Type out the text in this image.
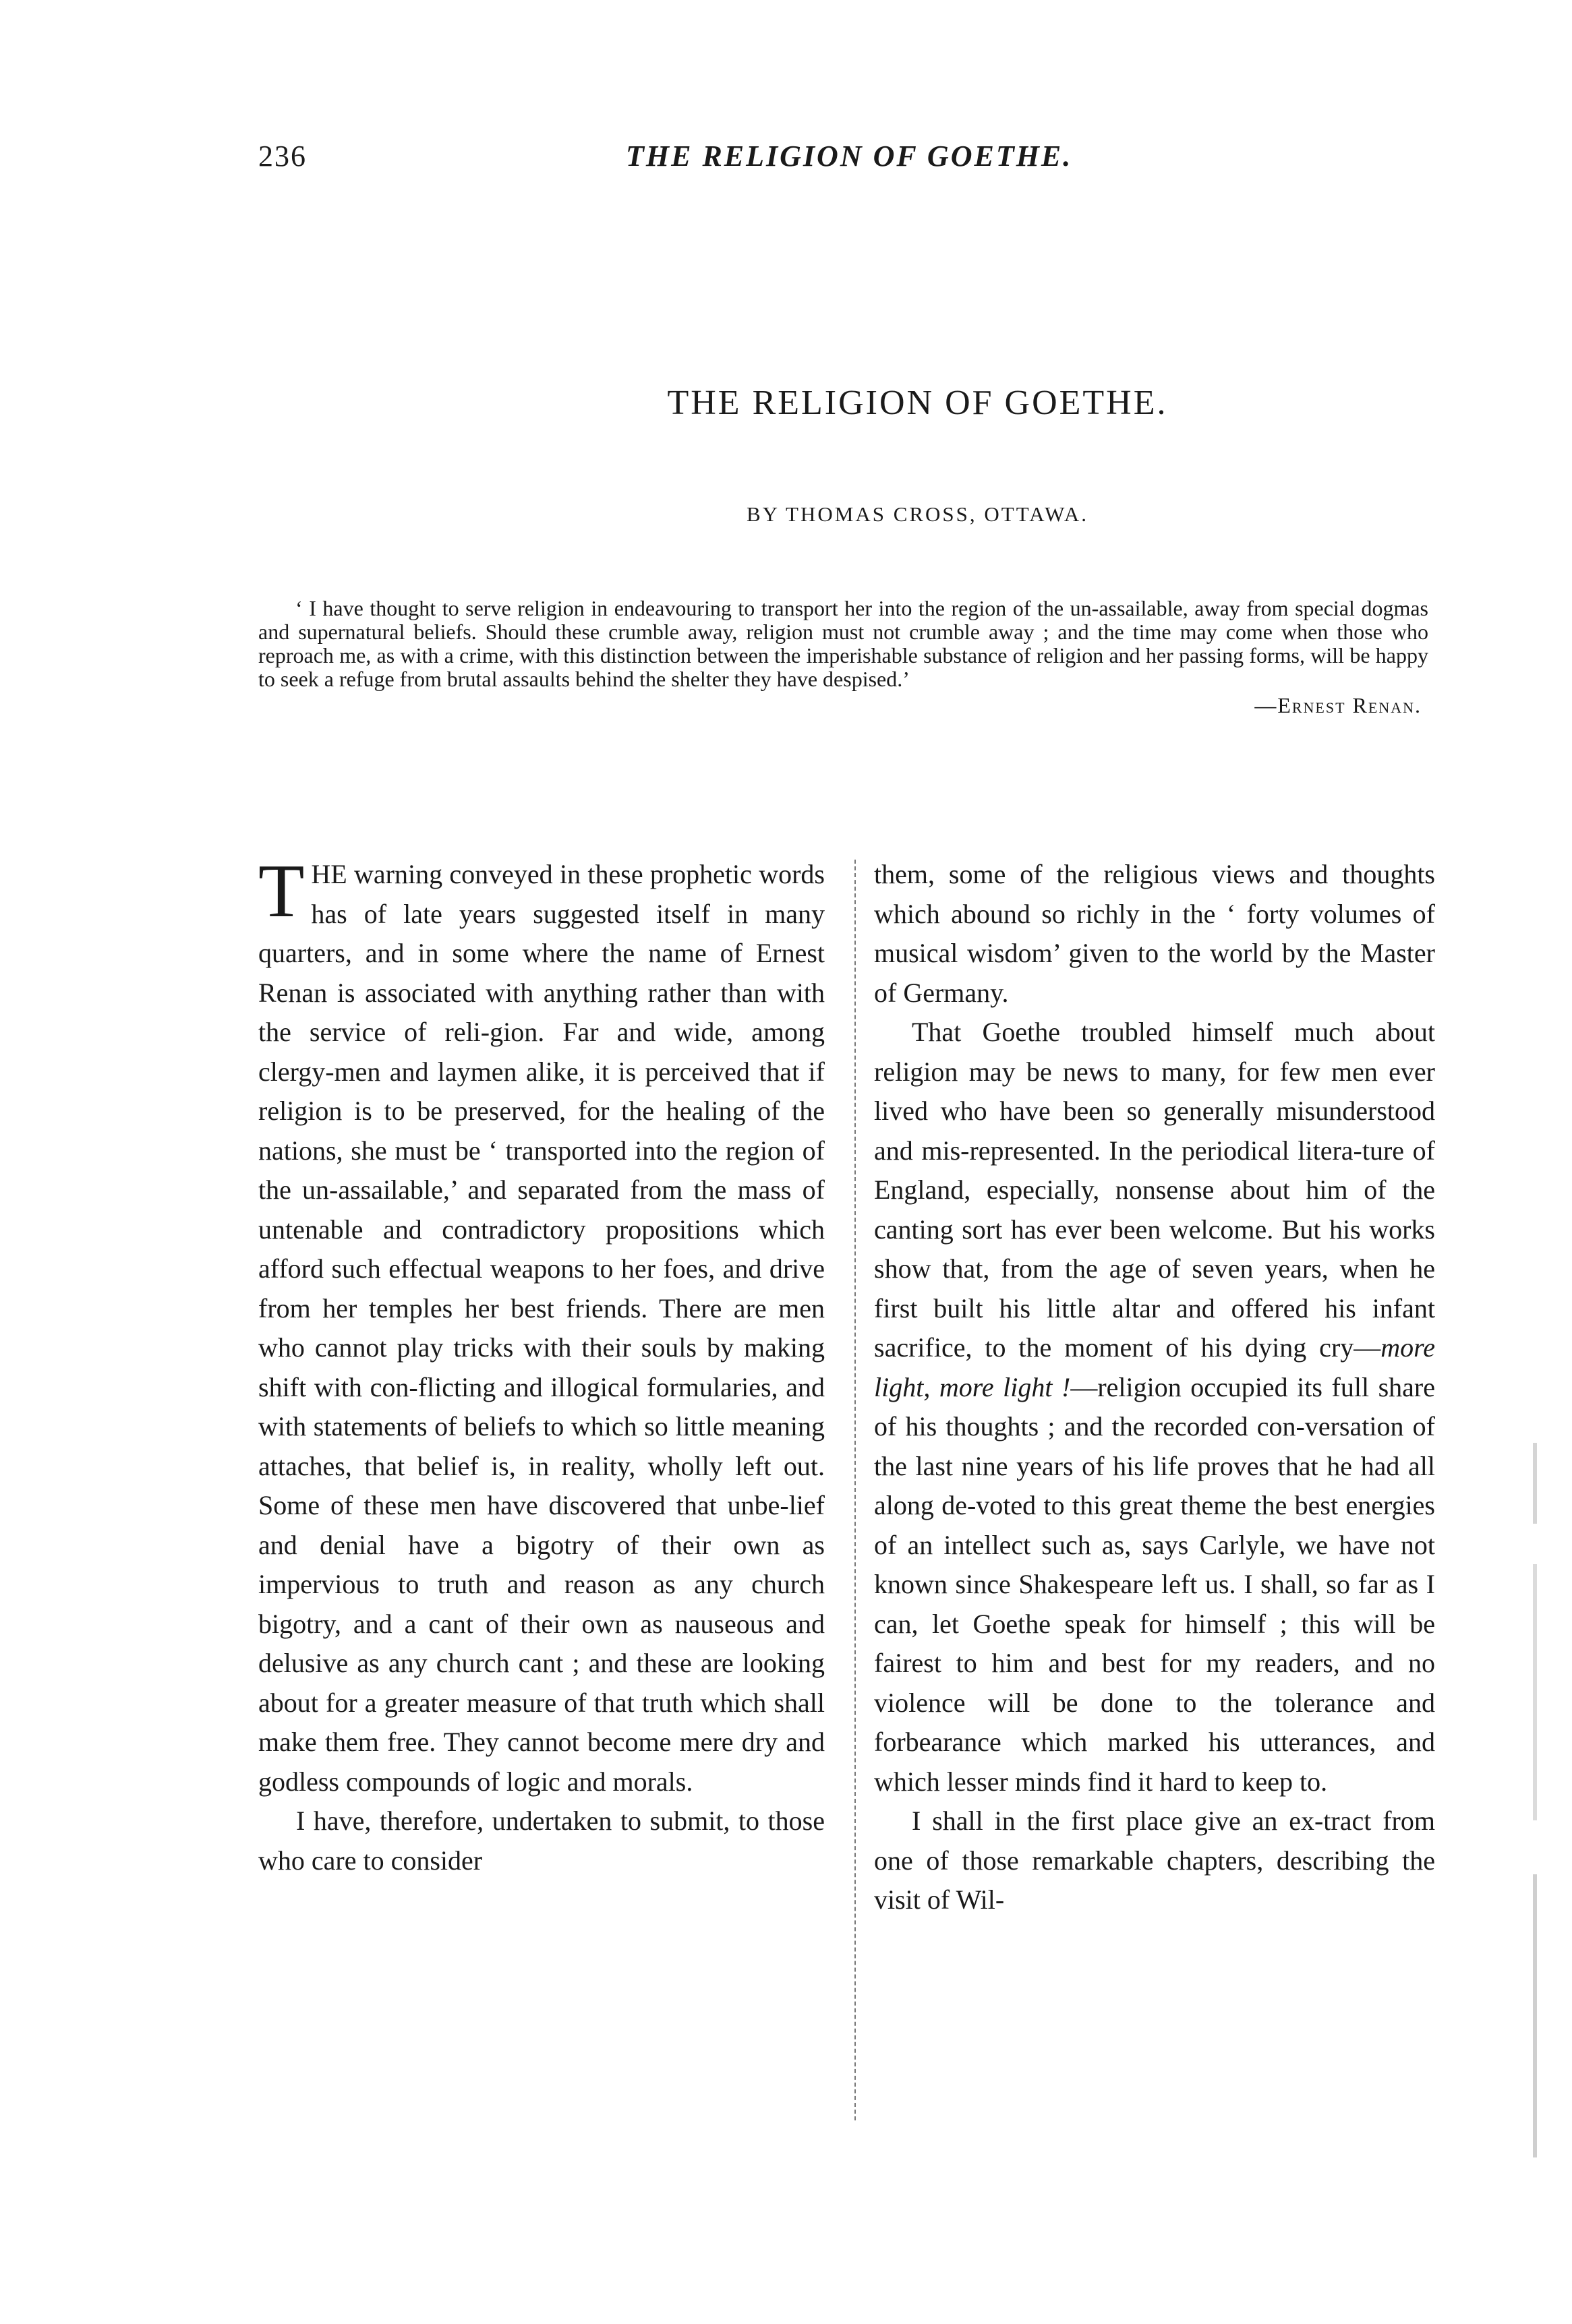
236	THE RELIGION OF GOETHE.
THE RELIGION OF GOETHE.
BY THOMAS CROSS, OTTAWA.

‘ I have thought to serve religion in endeavouring to transport her into the region of the un-assailable, away from special dogmas and supernatural beliefs. Should these crumble away, religion must not crumble away ; and the time may come when those who reproach me, as with a crime, with this distinction between the imperishable substance of religion and her passing forms, will be happy to seek a refuge from brutal assaults behind the shelter they have despised.’

—Ernest Renan.

THE warning conveyed in these prophetic words has of late years suggested itself in many quarters, and in some where the name of Ernest Renan is associated with anything rather than with the service of reli-gion. Far and wide, among clergy-men and laymen alike, it is perceived that if religion is to be preserved, for the healing of the nations, she must be ‘ transported into the region of the un-assailable,’ and separated from the mass of untenable and contradictory propositions which afford such effectual weapons to her foes, and drive from her temples her best friends. There are men who cannot play tricks with their souls by making shift with con-flicting and illogical formularies, and with statements of beliefs to which so little meaning attaches, that belief is, in reality, wholly left out. Some of these men have discovered that unbe-lief and denial have a bigotry of their own as impervious to truth and reason as any church bigotry, and a cant of their own as nauseous and delusive as any church cant ; and these are looking about for a greater measure of that truth which shall make them free. They cannot become mere dry and godless compounds of logic and morals.

I have, therefore, undertaken to submit, to those who care to consider

them, some of the religious views and thoughts which abound so richly in the ‘ forty volumes of musical wisdom’ given to the world by the Master of Germany.

That Goethe troubled himself much about religion may be news to many, for few men ever lived who have been so generally misunderstood and mis-represented. In the periodical litera-ture of England, especially, nonsense about him of the canting sort has ever been welcome. But his works show that, from the age of seven years, when he first built his little altar and offered his infant sacrifice, to the moment of his dying cry—more light, more light !—religion occupied its full share of his thoughts ; and the recorded con-versation of the last nine years of his life proves that he had all along de-voted to this great theme the best energies of an intellect such as, says Carlyle, we have not known since Shakespeare left us. I shall, so far as I can, let Goethe speak for himself ; this will be fairest to him and best for my readers, and no violence will be done to the tolerance and forbearance which marked his utterances, and which lesser minds find it hard to keep to.

I shall in the first place give an ex-tract from one of those remarkable chapters, describing the visit of Wil-
